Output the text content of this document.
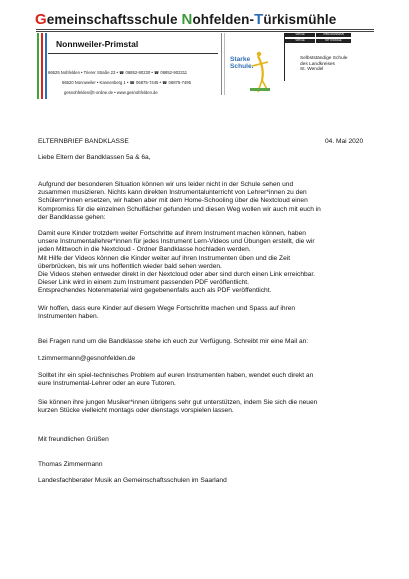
Gemeinschaftsschule Nohfelden-Türkismühle
Nonnweiler-Primstal
66625 Nohfelden • Trierer Straße 23 • ☎ 06852-90230 • ☎ 06852-902311
66620 Nonnweiler • Kannenberg 1 • ☎ 06875-7445 • ☎ 06875-7495
gesnohfelden@t-online.de • www.gesnohfelden.de
Starke
Schule.
SCHULE	OHNE RASSISMUS
SCHULE	MIT COURAGE
Selbstständige Schule
des Landkreises
St. Wendel
ELTERNBRIEF BANDKLASSE	04. Mai 2020
Liebe Eltern der Bandklassen 5a & 6a,
Aufgrund der besonderen Situation können wir uns leider nicht in der Schule sehen und
zusammen musizieren. Nichts kann direkten Instrumentalunterricht von Lehrer*innen zu den
Schülern*innen ersetzen, wir haben aber mit dem Home-Schooling über die Nextcloud einen
Kompromiss für die einzelnen Schulfächer gefunden und diesen Weg wollen wir auch mit euch in
der Bandklasse gehen:
Damit eure Kinder trotzdem weiter Fortschritte auf ihrem Instrument machen können, haben
unsere Instrumentallehrer*innen für jedes Instrument Lern-Videos und Übungen erstellt, die wir
jeden Mittwoch in die Nextcloud - Ordner Bandklasse hochladen werden.
Mit Hilfe der Videos können die Kinder weiter auf ihren Instrumenten üben und die Zeit
überbrücken, bis wir uns hoffentlich wieder bald sehen werden.
Die Videos stehen entweder direkt in der Nextcloud oder aber sind durch einen Link erreichbar.
Dieser Link wird in einem zum Instrument passenden PDF veröffentlicht.
Entsprechendes Notenmaterial wird gegebenenfalls auch als PDF veröffentlicht.
Wir hoffen, dass eure Kinder auf diesem Wege Fortschritte machen und Spass auf ihren
Instrumenten haben.
Bei Fragen rund um die Bandklasse stehe ich euch zur Verfügung. Schreibt mir eine Mail an:
t.zimmermann@gesnohfelden.de
Solltet ihr ein spiel-technisches Problem auf euren Instrumenten haben, wendet euch direkt an
eure Instrumental-Lehrer oder an eure Tutoren.
Sie können ihre jungen Musiker*innen übrigens sehr gut unterstützen, indem Sie sich die neuen
kurzen Stücke vielleicht montags oder dienstags vorspielen lassen.
Mit freundlichen Grüßen
Thomas Zimmermann
Landesfachberater Musik an Gemeinschaftsschulen im Saarland
